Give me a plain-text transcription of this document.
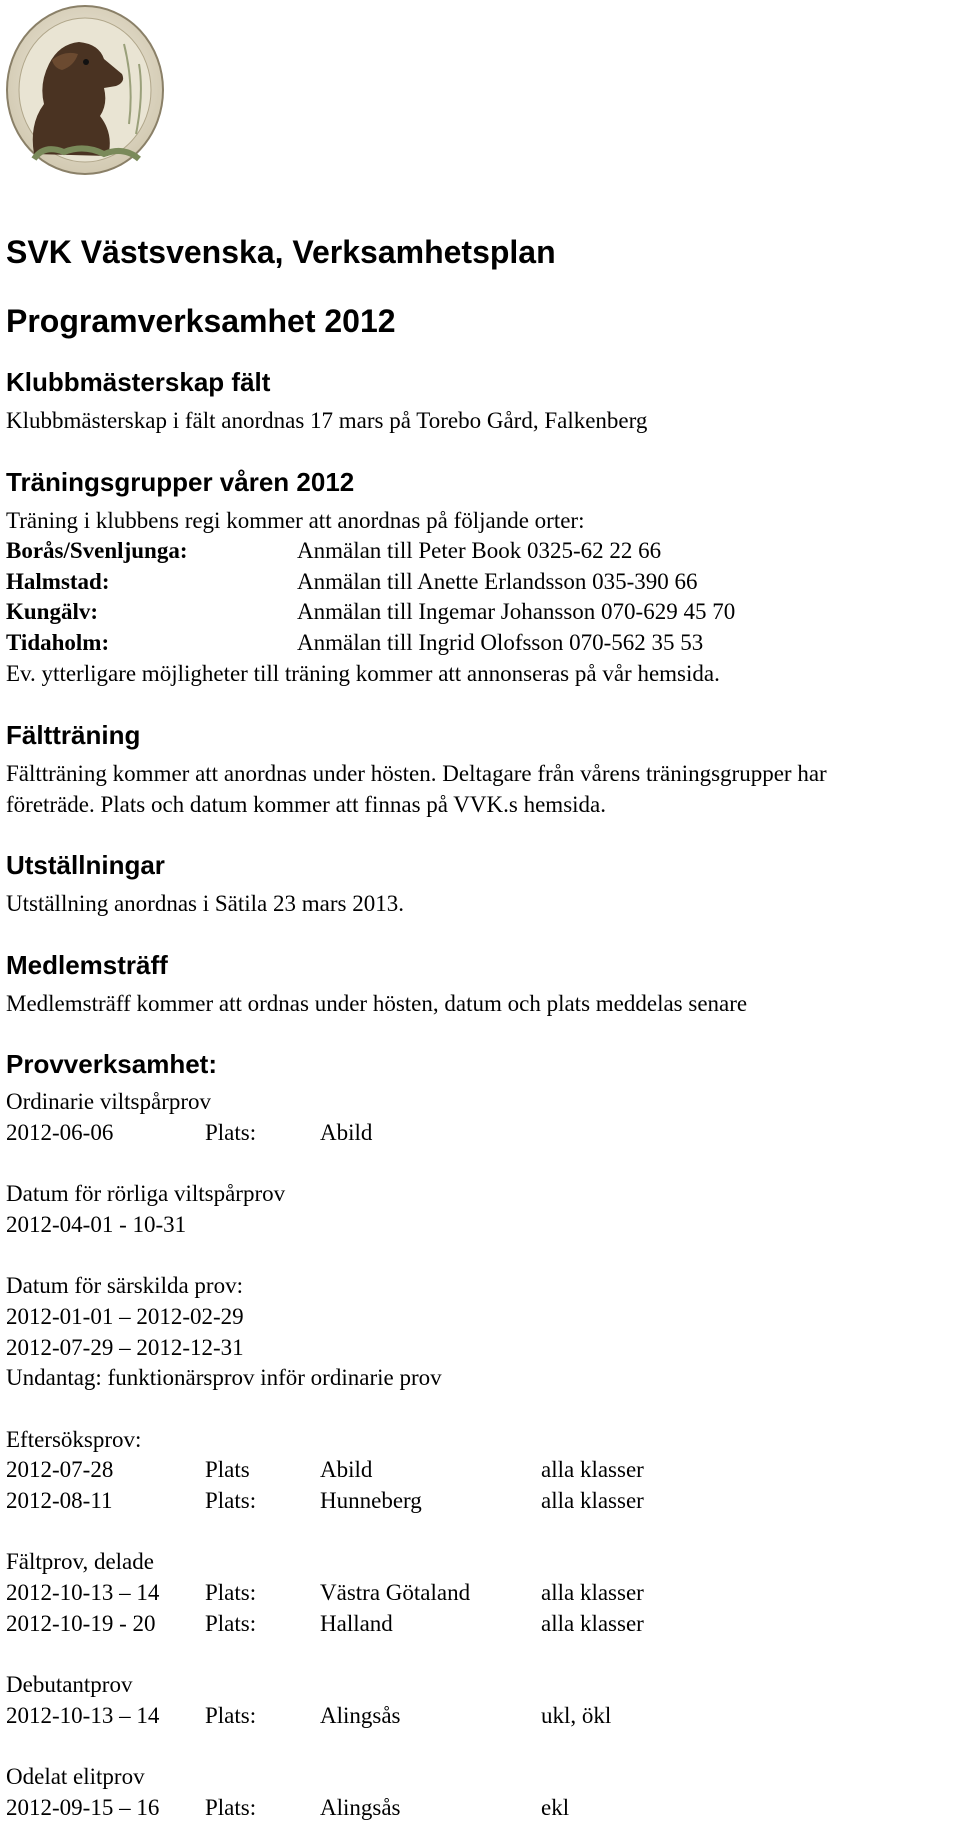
SVK Västsvenska, Verksamhetsplan
Programverksamhet 2012
Klubbmästerskap fält
Klubbmästerskap i fält anordnas 17 mars på Torebo Gård, Falkenberg
Träningsgrupper våren 2012
Träning i klubbens regi kommer att anordnas på följande orter:
Borås/Svenljunga:	Anmälan till Peter Book 0325-62 22 66
Halmstad:	Anmälan till Anette Erlandsson 035-390 66
Kungälv:	Anmälan till Ingemar Johansson 070-629 45 70
Tidaholm:	Anmälan till Ingrid Olofsson 070-562 35 53
Ev. ytterligare möjligheter till träning kommer att annonseras på vår hemsida.
Fältträning
Fältträning kommer att anordnas under hösten. Deltagare från vårens träningsgrupper har
företräde. Plats och datum kommer att finnas på VVK.s hemsida.
Utställningar
Utställning anordnas i Sätila 23 mars 2013.
Medlemsträff
Medlemsträff kommer att ordnas under hösten, datum och plats meddelas senare
Provverksamhet:
Ordinarie viltspårprov
2012-06-06	Plats:	Abild
Datum för rörliga viltspårprov
2012-04-01 - 10-31
Datum för särskilda prov:
2012-01-01 – 2012-02-29
2012-07-29 – 2012-12-31
Undantag: funktionärsprov inför ordinarie prov
Eftersöksprov:
2012-07-28	Plats	Abild	alla klasser
2012-08-11	Plats:	Hunneberg	alla klasser
Fältprov, delade
2012-10-13 – 14 Plats:	Västra Götaland	alla klasser
2012-10-19 - 20 Plats:	Halland	alla klasser
Debutantprov
2012-10-13 – 14 Plats:	Alingsås	ukl, ökl
Odelat elitprov
2012-09-15 – 16 Plats:	Alingsås	ekl
